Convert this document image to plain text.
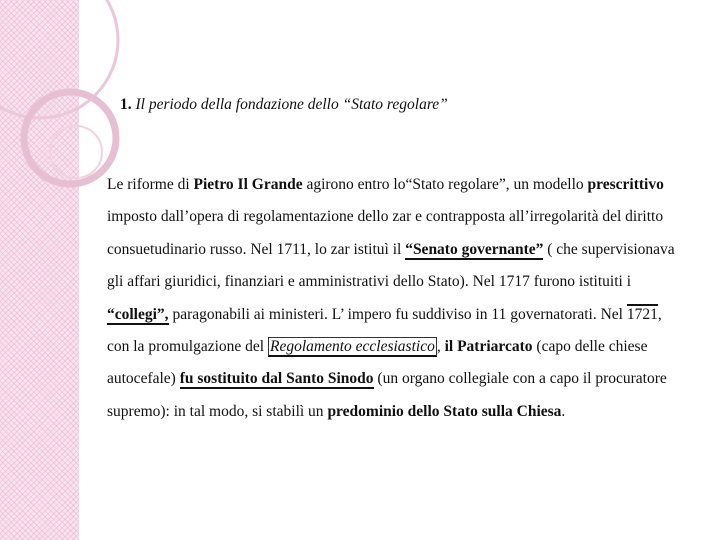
1. Il periodo della fondazione dello “Stato regolare”

Le riforme di Pietro Il Grande agirono entro lo“Stato regolare”, un modello prescrittivo imposto dall’opera di regolamentazione dello zar e contrapposta all’irregolarità del diritto consuetudinario russo. Nel 1711, lo zar istituì il “Senato governante” ( che supervisionava gli affari giuridici, finanziari e amministrativi dello Stato). Nel 1717 furono istituiti i “collegi”, paragonabili ai ministeri. L’ impero fu suddiviso in 11 governatorati. Nel 1721, con la promulgazione del Regolamento ecclesiastico , il Patriarcato (capo delle chiese autocefale) fu sostituito dal Santo Sinodo (un organo collegiale con a capo il procuratore supremo): in tal modo, si stabilì un predominio dello Stato sulla Chiesa.
